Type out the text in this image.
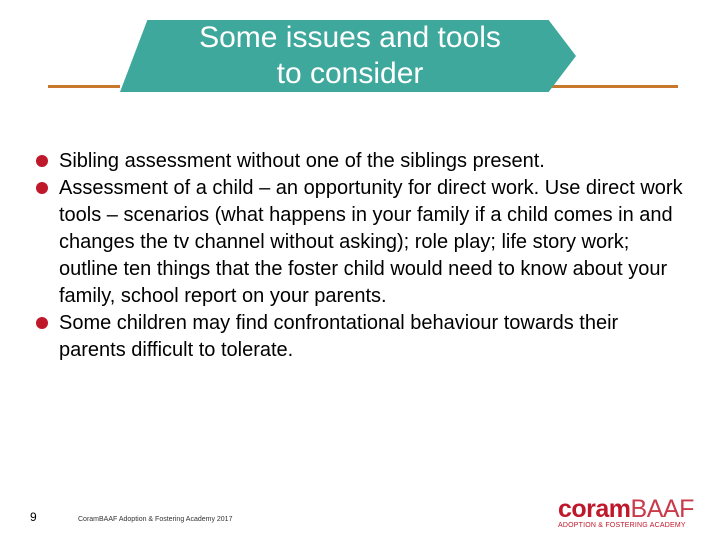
Some issues and tools
to consider
Sibling assessment without one of the siblings present.
Assessment of a child – an opportunity for direct work. Use direct work tools – scenarios (what happens in your family if a child comes in and changes the tv channel without asking); role play; life story work; outline ten things that the foster child would need to know about your family, school report on your parents.
Some children may find confrontational behaviour towards their parents difficult to tolerate.
9	CoramBAAF Adoption & Fostering Academy 2017	coramBAAF
ADOPTION & FOSTERING ACADEMY
